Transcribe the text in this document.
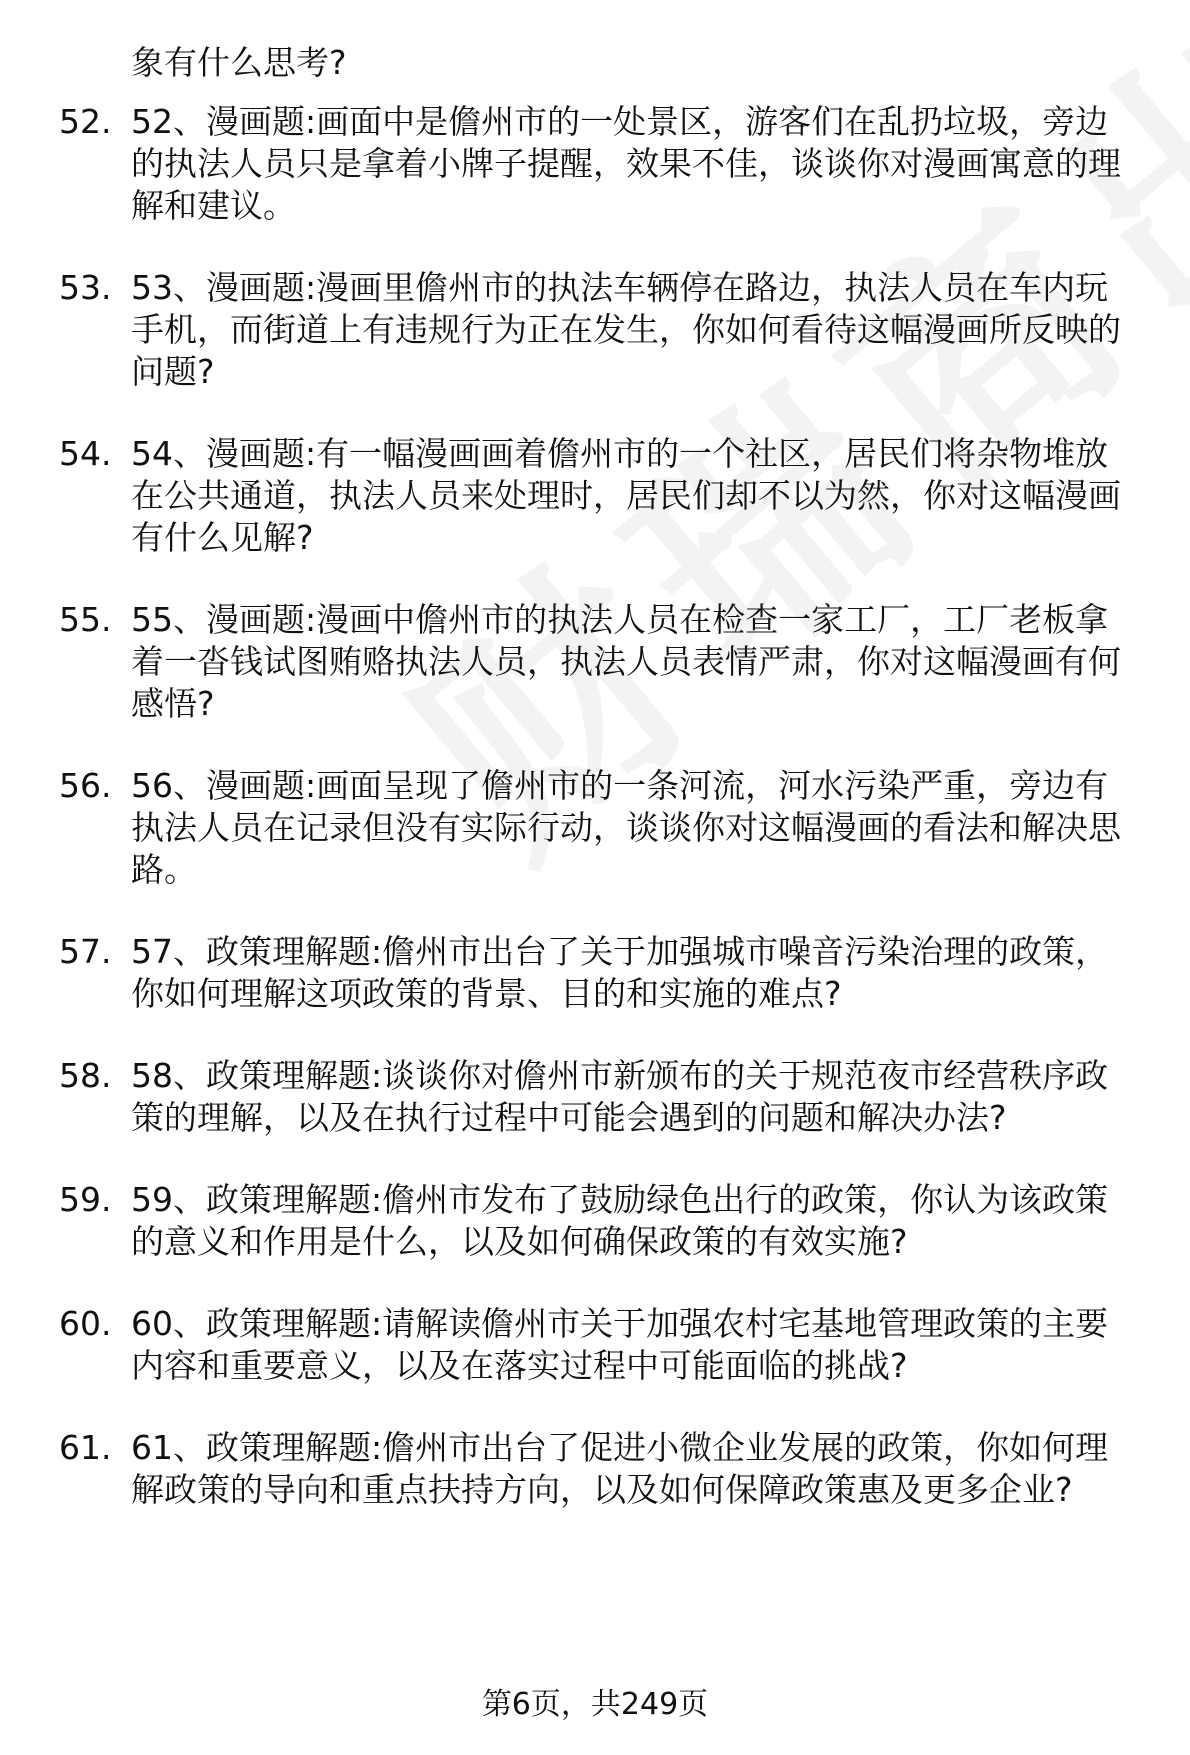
象有什么思考?

52. 52、漫画题:画面中是儋州市的一处景区，游客们在乱扔垃圾，旁边的执法人员只是拿着小牌子提醒，效果不佳，谈谈你对漫画寓意的理解和建议。

53. 53、漫画题:漫画里儋州市的执法车辆停在路边，执法人员在车内玩手机，而街道上有违规行为正在发生，你如何看待这幅漫画所反映的问题?

54. 54、漫画题:有一幅漫画画着儋州市的一个社区，居民们将杂物堆放在公共通道，执法人员来处理时，居民们却不以为然，你对这幅漫画有什么见解?

55. 55、漫画题:漫画中儋州市的执法人员在检查一家工厂，工厂老板拿着一沓钱试图贿赂执法人员，执法人员表情严肃，你对这幅漫画有何感悟?

56. 56、漫画题:画面呈现了儋州市的一条河流，河水污染严重，旁边有执法人员在记录但没有实际行动，谈谈你对这幅漫画的看法和解决思路。

57. 57、政策理解题:儋州市出台了关于加强城市噪音污染治理的政策，你如何理解这项政策的背景、目的和实施的难点?

58. 58、政策理解题:谈谈你对儋州市新颁布的关于规范夜市经营秩序政策的理解，以及在执行过程中可能会遇到的问题和解决办法?

59. 59、政策理解题:儋州市发布了鼓励绿色出行的政策，你认为该政策的意义和作用是什么，以及如何确保政策的有效实施?

60. 60、政策理解题:请解读儋州市关于加强农村宅基地管理政策的主要内容和重要意义，以及在落实过程中可能面临的挑战?

61. 61、政策理解题:儋州市出台了促进小微企业发展的政策，你如何理解政策的导向和重点扶持方向，以及如何保障政策惠及更多企业?

第6页，共249页
